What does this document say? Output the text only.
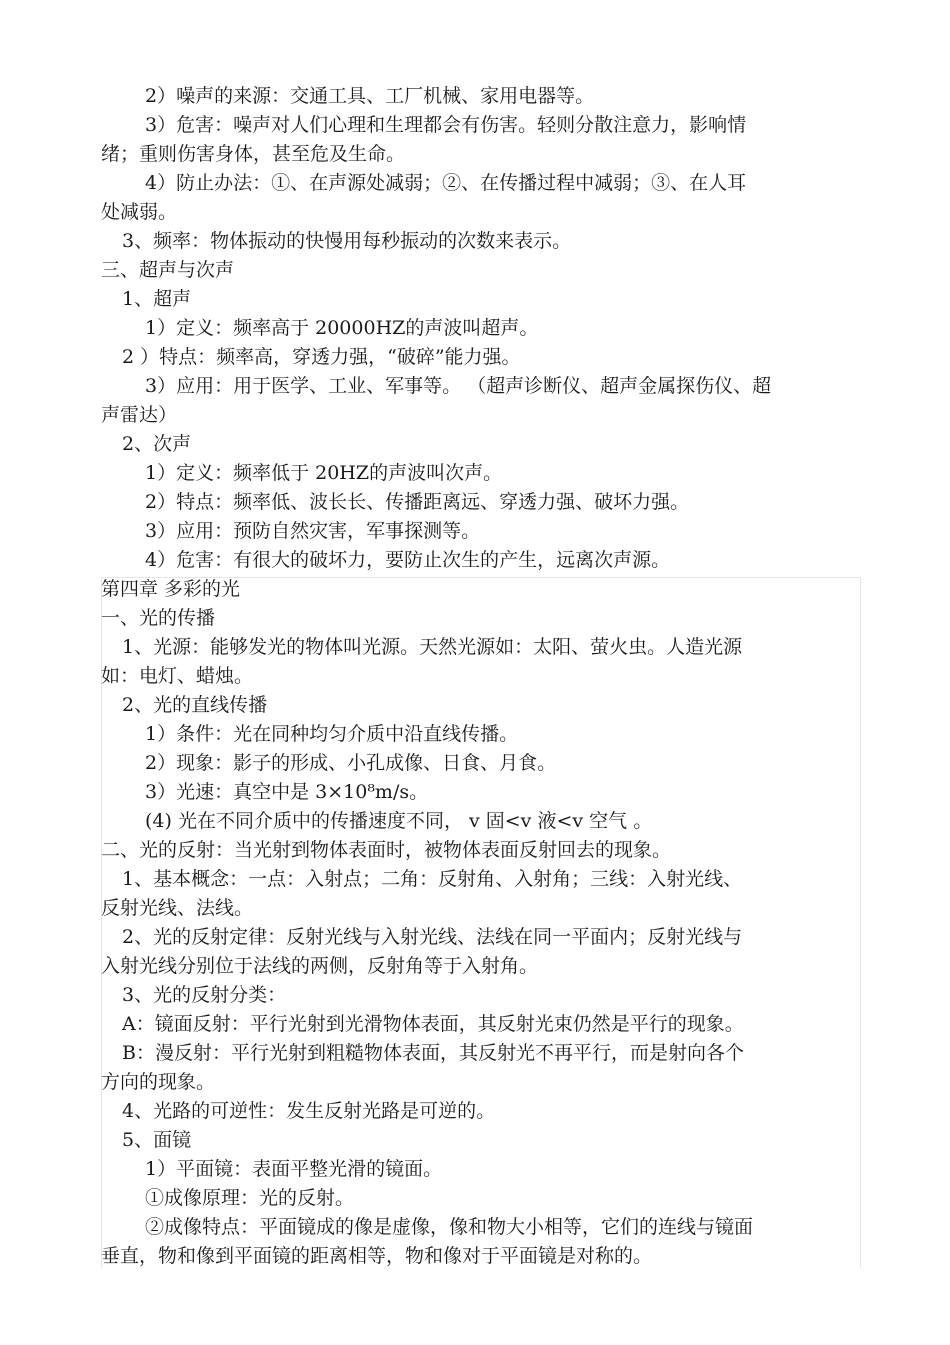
2）噪声的来源：交通工具、工厂机械、家用电器等。
3）危害：噪声对人们心理和生理都会有伤害。轻则分散注意力，影响情
绪；重则伤害身体，甚至危及生命。
4）防止办法：①、在声源处减弱；②、在传播过程中减弱；③、在人耳
处减弱。
3、频率：物体振动的快慢用每秒振动的次数来表示。
三、超声与次声
1、超声
1）定义：频率高于 20000HZ的声波叫超声。
2 ）特点：频率高，穿透力强，“破碎”能力强。
3）应用：用于医学、工业、军事等。 （超声诊断仪、超声金属探伤仪、超
声雷达）
2、次声
1）定义：频率低于 20HZ的声波叫次声。
2）特点：频率低、波长长、传播距离远、穿透力强、破坏力强。
3）应用：预防自然灾害，军事探测等。
4）危害：有很大的破坏力，要防止次生的产生，远离次声源。
第四章 多彩的光
一、光的传播
1、光源：能够发光的物体叫光源。天然光源如：太阳、萤火虫。人造光源
如：电灯、蜡烛。
2、光的直线传播
1）条件：光在同种均匀介质中沿直线传播。
2）现象：影子的形成、小孔成像、日食、月食。
3）光速：真空中是 3×10⁸m/s。
(4) 光在不同介质中的传播速度不同， v 固<v 液<v 空气 。
二、光的反射：当光射到物体表面时，被物体表面反射回去的现象。
1、基本概念：一点：入射点；二角：反射角、入射角；三线：入射光线、
反射光线、法线。
2、光的反射定律：反射光线与入射光线、法线在同一平面内；反射光线与
入射光线分别位于法线的两侧，反射角等于入射角。
3、光的反射分类：
A：镜面反射：平行光射到光滑物体表面，其反射光束仍然是平行的现象。
B：漫反射：平行光射到粗糙物体表面，其反射光不再平行，而是射向各个
方向的现象。
4、光路的可逆性：发生反射光路是可逆的。
5、面镜
1）平面镜：表面平整光滑的镜面。
①成像原理：光的反射。
②成像特点：平面镜成的像是虚像，像和物大小相等，它们的连线与镜面
垂直，物和像到平面镜的距离相等，物和像对于平面镜是对称的。
